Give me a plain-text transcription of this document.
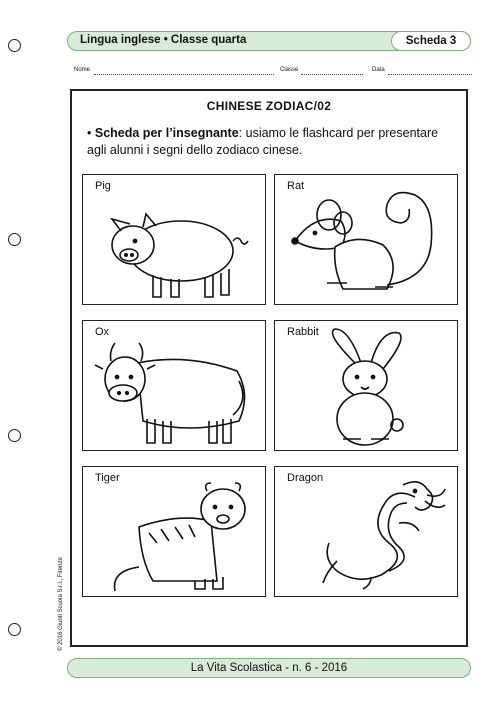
Lingua inglese • Classe quarta	Scheda 3
Nome	Classe	Data
CHINESE ZODIAC/02
• Scheda per l’insegnante: usiamo le flashcard per presentare agli alunni i segni dello zodiaco cinese.
Pig	Rat
Ox	Rabbit
Tiger	Dragon
© 2016 Giunti Scuola S.r.l., Firenze
La Vita Scolastica - n. 6 - 2016
